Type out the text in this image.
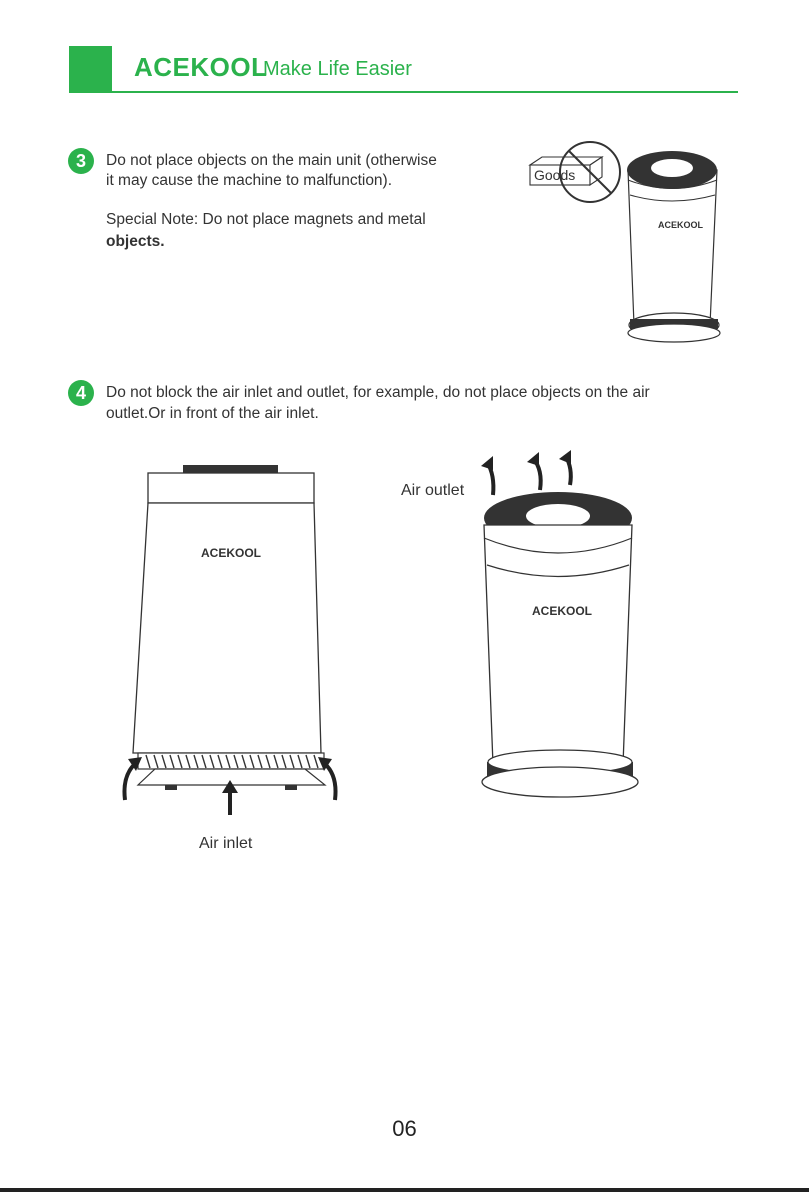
ACEKOOL
Make Life Easier
3	Do not place objects on the main unit (otherwise
it may cause the machine to malfunction).
Special Note: Do not place magnets and metal
objects.
Goods
ACEKOOL
4	Do not block the air inlet and outlet, for example, do not place objects on the air
outlet.Or in front of the air inlet.
ACEKOOL
Air inlet
Air outlet
ACEKOOL
06
